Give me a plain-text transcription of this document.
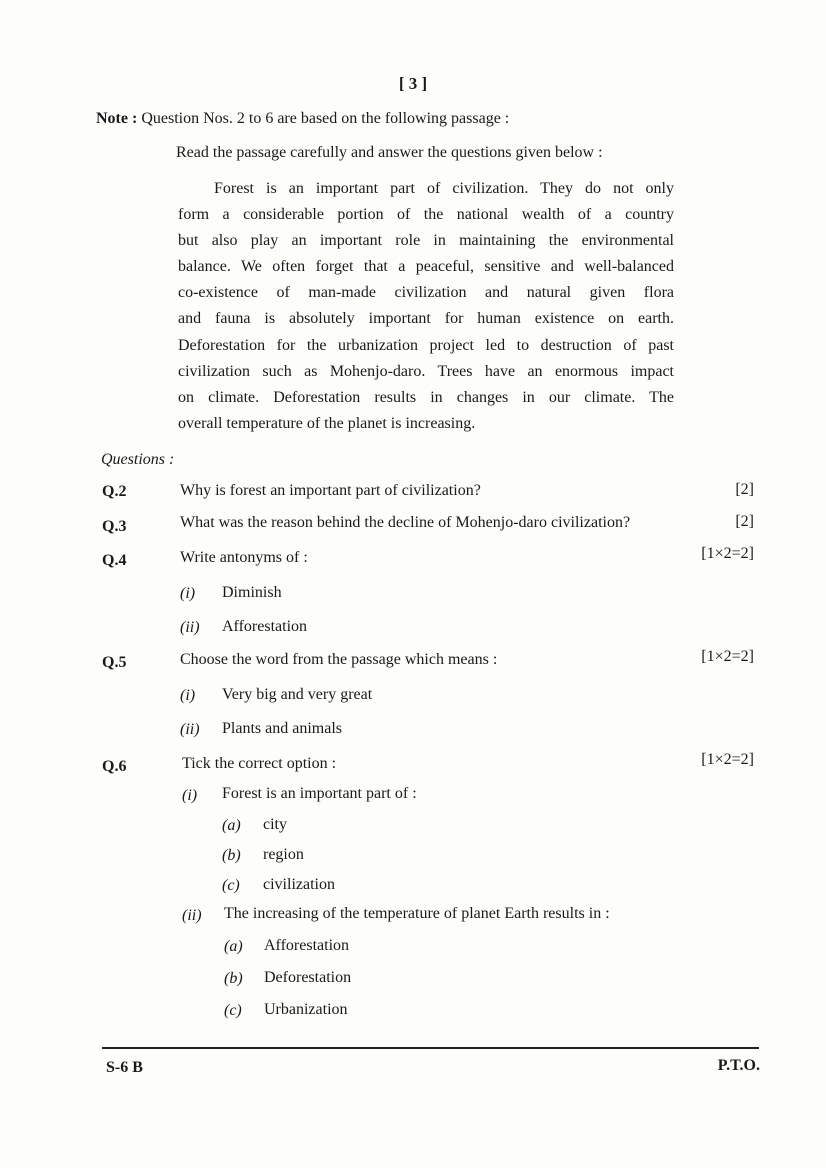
[ 3 ]
Note : Question Nos. 2 to 6 are based on the following passage :
Read the passage carefully and answer the questions given below :
Forest is an important part of civilization. They do not only
form a considerable portion of the national wealth of a country
but also play an important role in maintaining the environmental
balance. We often forget that a peaceful, sensitive and well-balanced
co-existence of man-made civilization and natural given flora
and fauna is absolutely important for human existence on earth.
Deforestation for the urbanization project led to destruction of past
civilization such as Mohenjo-daro. Trees have an enormous impact
on climate. Deforestation results in changes in our climate. The
overall temperature of the planet is increasing.
Questions :
Q.2	Why is forest an important part of civilization?	[2]
Q.3	What was the reason behind the decline of Mohenjo-daro civilization?	[2]
Q.4	Write antonyms of :	[1×2=2]
(i) Diminish
(ii) Afforestation
Q.5	Choose the word from the passage which means :	[1×2=2]
(i) Very big and very great
(ii) Plants and animals
Q.6	Tick the correct option :	[1×2=2]
(i) Forest is an important part of :
(a) city
(b) region
(c) civilization
(ii) The increasing of the temperature of planet Earth results in :
(a) Afforestation
(b) Deforestation
(c) Urbanization
S-6 B	P.T.O.
